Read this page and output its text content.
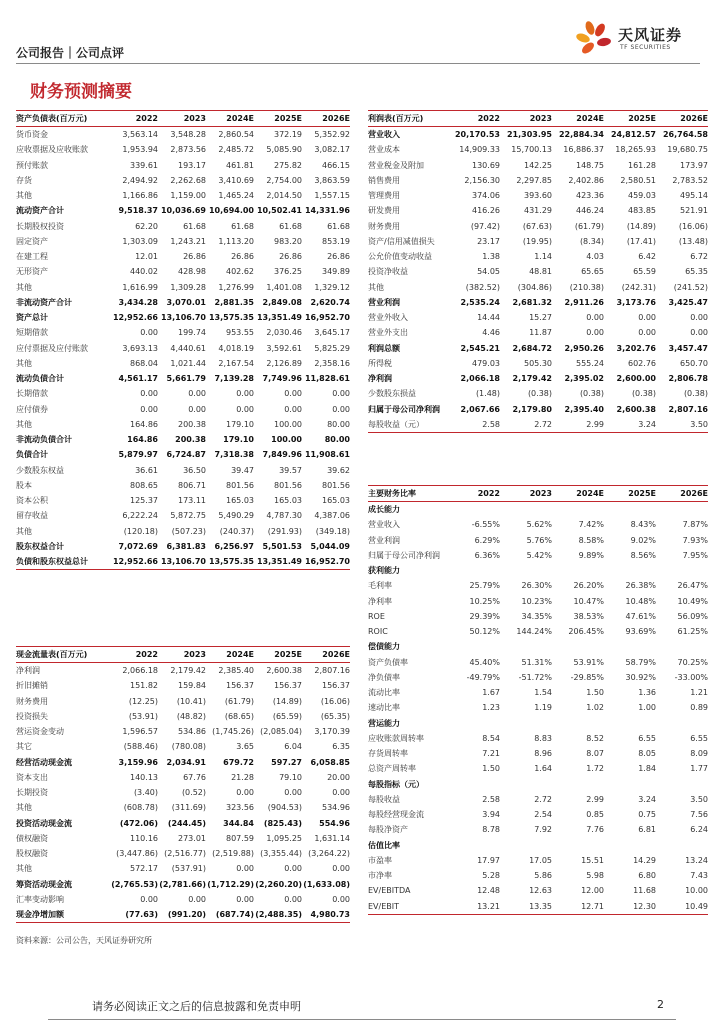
公司报告｜公司点评
天风证券
TF SECURITIES
财务预测摘要
资产负债表(百万元)	2022	2023	2024E	2025E	2026E
货币资金	3,563.14	3,548.28	2,860.54	372.19	5,352.92
应收票据及应收账款	1,953.94	2,873.56	2,485.72	5,085.90	3,082.17
预付账款	339.61	193.17	461.81	275.82	466.15
存货	2,494.92	2,262.68	3,410.69	2,754.00	3,863.59
其他	1,166.86	1,159.00	1,465.24	2,014.50	1,557.15
流动资产合计	9,518.37 10,036.69 10,694.00 10,502.41 14,331.96
长期股权投资	62.20	61.68	61.68	61.68	61.68
固定资产	1,303.09	1,243.21	1,113.20	983.20	853.19
在建工程	12.01	26.86	26.86	26.86	26.86
无形资产	440.02	428.98	402.62	376.25	349.89
其他	1,616.99	1,309.28	1,276.99	1,401.08	1,329.12
非流动资产合计	3,434.28	3,070.01	2,881.35	2,849.08	2,620.74
资产总计	12,952.66 13,106.70 13,575.35 13,351.49 16,952.70
短期借款	0.00	199.74	953.55	2,030.46	3,645.17
应付票据及应付账款	3,693.13	4,440.61	4,018.19	3,592.61	5,825.29
其他	868.04	1,021.44	2,167.54	2,126.89	2,358.16
流动负债合计	4,561.17	5,661.79	7,139.28	7,749.96 11,828.61
长期借款	0.00	0.00	0.00	0.00	0.00
应付债券	0.00	0.00	0.00	0.00	0.00
其他	164.86	200.38	179.10	100.00	80.00
非流动负债合计	164.86	200.38	179.10	100.00	80.00
负债合计	5,879.97	6,724.87	7,318.38	7,849.96 11,908.61
少数股东权益	36.61	36.50	39.47	39.57	39.62
股本	808.65	806.71	801.56	801.56	801.56
资本公积	125.37	173.11	165.03	165.03	165.03
留存收益	6,222.24	5,872.75	5,490.29	4,787.30	4,387.06
其他	(120.18)	(507.23)	(240.37)	(291.93)	(349.18)
股东权益合计	7,072.69	6,381.83	6,256.97	5,501.53	5,044.09
负债和股东权益总计	12,952.66 13,106.70 13,575.35 13,351.49 16,952.70
利润表(百万元)	2022	2023	2024E	2025E	2026E
营业收入	20,170.53 21,303.95 22,884.34 24,812.57 26,764.58
营业成本	14,909.33	15,700.13	16,886.37	18,265.93	19,680.75
营业税金及附加	130.69	142.25	148.75	161.28	173.97
销售费用	2,156.30	2,297.85	2,402.86	2,580.51	2,783.52
管理费用	374.06	393.60	423.36	459.03	495.14
研发费用	416.26	431.29	446.24	483.85	521.91
财务费用	(97.42)	(67.63)	(61.79)	(14.89)	(16.06)
资产/信用减值损失	23.17	(19.95)	(8.34)	(17.41)	(13.48)
公允价值变动收益	1.38	1.14	4.03	6.42	6.72
投资净收益	54.05	48.81	65.65	65.59	65.35
其他	(382.52)	(304.86)	(210.38)	(242.31)	(241.52)
营业利润	2,535.24	2,681.32	2,911.26	3,173.76	3,425.47
营业外收入	14.44	15.27	0.00	0.00	0.00
营业外支出	4.46	11.87	0.00	0.00	0.00
利润总额	2,545.21	2,684.72	2,950.26	3,202.76	3,457.47
所得税	479.03	505.30	555.24	602.76	650.70
净利润	2,066.18	2,179.42	2,395.02	2,600.00	2,806.78
少数股东损益	(1.48)	(0.38)	(0.38)	(0.38)	(0.38)
归属于母公司净利润	2,067.66	2,179.80	2,395.40	2,600.38	2,807.16
每股收益（元）	2.58	2.72	2.99	3.24	3.50
现金流量表(百万元)	2022	2023	2024E	2025E	2026E
净利润	2,066.18	2,179.42	2,385.40	2,600.38	2,807.16
折旧摊销	151.82	159.84	156.37	156.37	156.37
财务费用	(12.25)	(10.41)	(61.79)	(14.89)	(16.06)
投资损失	(53.91)	(48.82)	(68.65)	(65.59)	(65.35)
营运资金变动	1,596.57	534.86 (1,745.26) (2,085.04)	3,170.39
其它	(588.46)	(780.08)	3.65	6.04	6.35
经营活动现金流	3,159.96	2,034.91	679.72	597.27	6,058.85
资本支出	140.13	67.76	21.28	79.10	20.00
长期投资	(3.40)	(0.52)	0.00	0.00	0.00
其他	(608.78)	(311.69)	323.56	(904.53)	534.96
投资活动现金流	(472.06)	(244.45)	344.84	(825.43)	554.96
债权融资	110.16	273.01	807.59	1,095.25	1,631.14
股权融资	(3,447.86) (2,516.77) (2,519.88) (3,355.44) (3,264.22)
其他	572.17	(537.91)	0.00	0.00	0.00
筹资活动现金流	(2,765.53) (2,781.66) (1,712.29) (2,260.20) (1,633.08)
汇率变动影响	0.00	0.00	0.00	0.00	0.00
现金净增加额	(77.63)	(991.20)	(687.74) (2,488.35)	4,980.73
主要财务比率	2022	2023	2024E	2025E	2026E
成长能力
营业收入	-6.55%	5.62%	7.42%	8.43%	7.87%
营业利润	6.29%	5.76%	8.58%	9.02%	7.93%
归属于母公司净利润	6.36%	5.42%	9.89%	8.56%	7.95%
获利能力
毛利率	25.79%	26.30%	26.20%	26.38%	26.47%
净利率	10.25%	10.23%	10.47%	10.48%	10.49%
ROE	29.39%	34.35%	38.53%	47.61%	56.09%
ROIC	50.12%	144.24%	206.45%	93.69%	61.25%
偿债能力
资产负债率	45.40%	51.31%	53.91%	58.79%	70.25%
净负债率	-49.79%	-51.72%	-29.85%	30.92%	-33.00%
流动比率	1.67	1.54	1.50	1.36	1.21
速动比率	1.23	1.19	1.02	1.00	0.89
营运能力
应收账款周转率	8.54	8.83	8.52	6.55	6.55
存货周转率	7.21	8.96	8.07	8.05	8.09
总资产周转率	1.50	1.64	1.72	1.84	1.77
每股指标（元）
每股收益	2.58	2.72	2.99	3.24	3.50
每股经营现金流	3.94	2.54	0.85	0.75	7.56
每股净资产	8.78	7.92	7.76	6.81	6.24
估值比率
市盈率	17.97	17.05	15.51	14.29	13.24
市净率	5.28	5.86	5.98	6.80	7.43
EV/EBITDA	12.48	12.63	12.00	11.68	10.00
EV/EBIT	13.21	13.35	12.71	12.30	10.49
资料来源：公司公告，天风证券研究所
请务必阅读正文之后的信息披露和免责申明	2
